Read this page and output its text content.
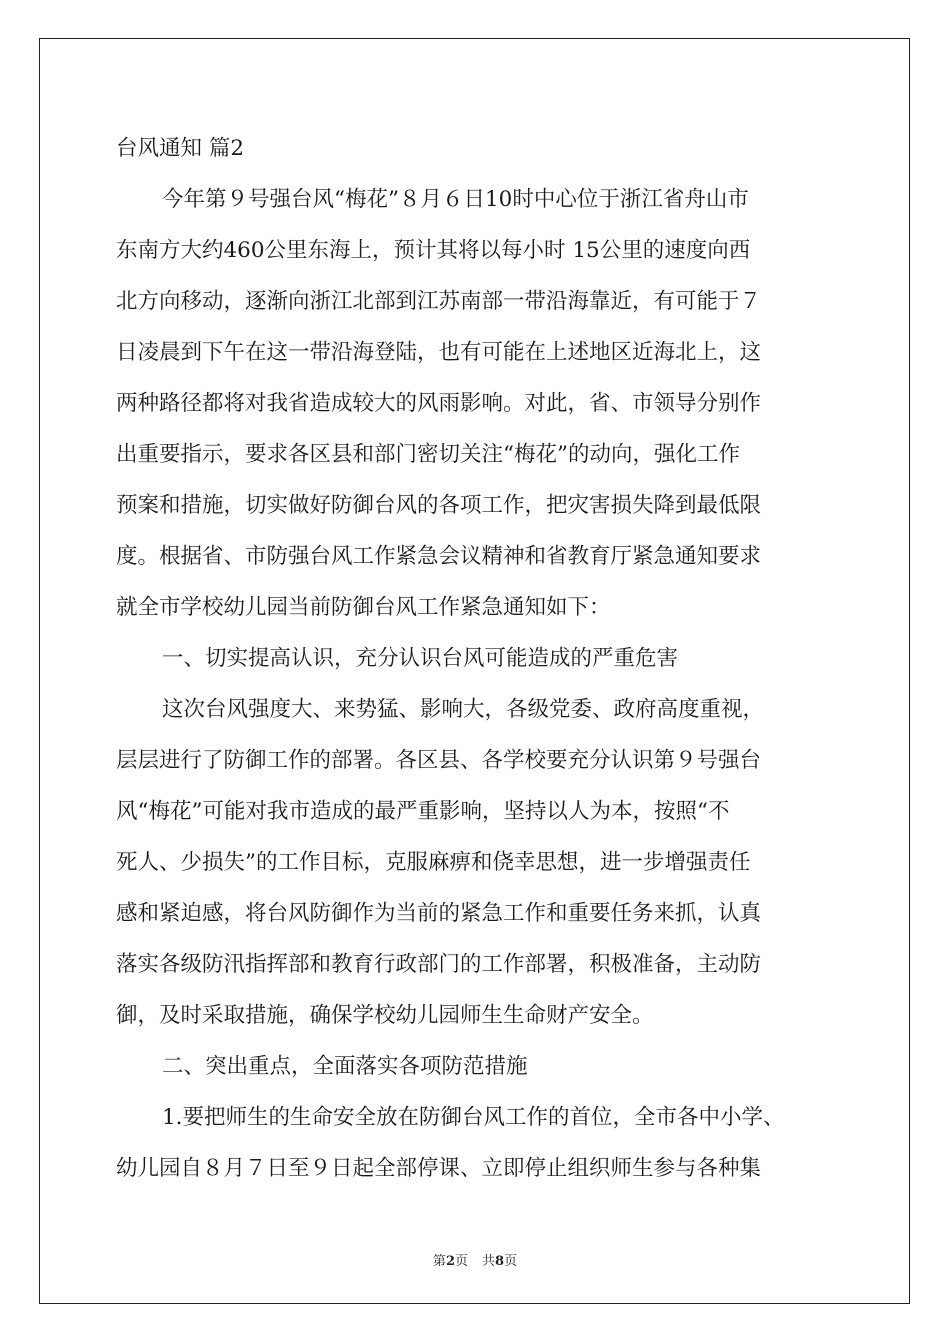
台风通知 篇2
今年第９号强台风“梅花”８月６日10时中心位于浙江省舟山市
东南方大约460公里东海上，预计其将以每小时 15公里的速度向西
北方向移动，逐渐向浙江北部到江苏南部一带沿海靠近，有可能于７
日凌晨到下午在这一带沿海登陆，也有可能在上述地区近海北上，这
两种路径都将对我省造成较大的风雨影响。对此，省、市领导分别作
出重要指示，要求各区县和部门密切关注“梅花”的动向，强化工作
预案和措施，切实做好防御台风的各项工作，把灾害损失降到最低限
度。根据省、市防强台风工作紧急会议精神和省教育厅紧急通知要求
就全市学校幼儿园当前防御台风工作紧急通知如下：
一、切实提高认识，充分认识台风可能造成的严重危害
这次台风强度大、来势猛、影响大，各级党委、政府高度重视，
层层进行了防御工作的部署。各区县、各学校要充分认识第９号强台
风“梅花”可能对我市造成的最严重影响，坚持以人为本，按照“不
死人、少损失”的工作目标，克服麻痹和侥幸思想，进一步增强责任
感和紧迫感，将台风防御作为当前的紧急工作和重要任务来抓，认真
落实各级防汛指挥部和教育行政部门的工作部署，积极准备，主动防
御，及时采取措施，确保学校幼儿园师生生命财产安全。
二、突出重点，全面落实各项防范措施
1.要把师生的生命安全放在防御台风工作的首位，全市各中小学、
幼儿园自８月７日至９日起全部停课、立即停止组织师生参与各种集
第2页 共8页
